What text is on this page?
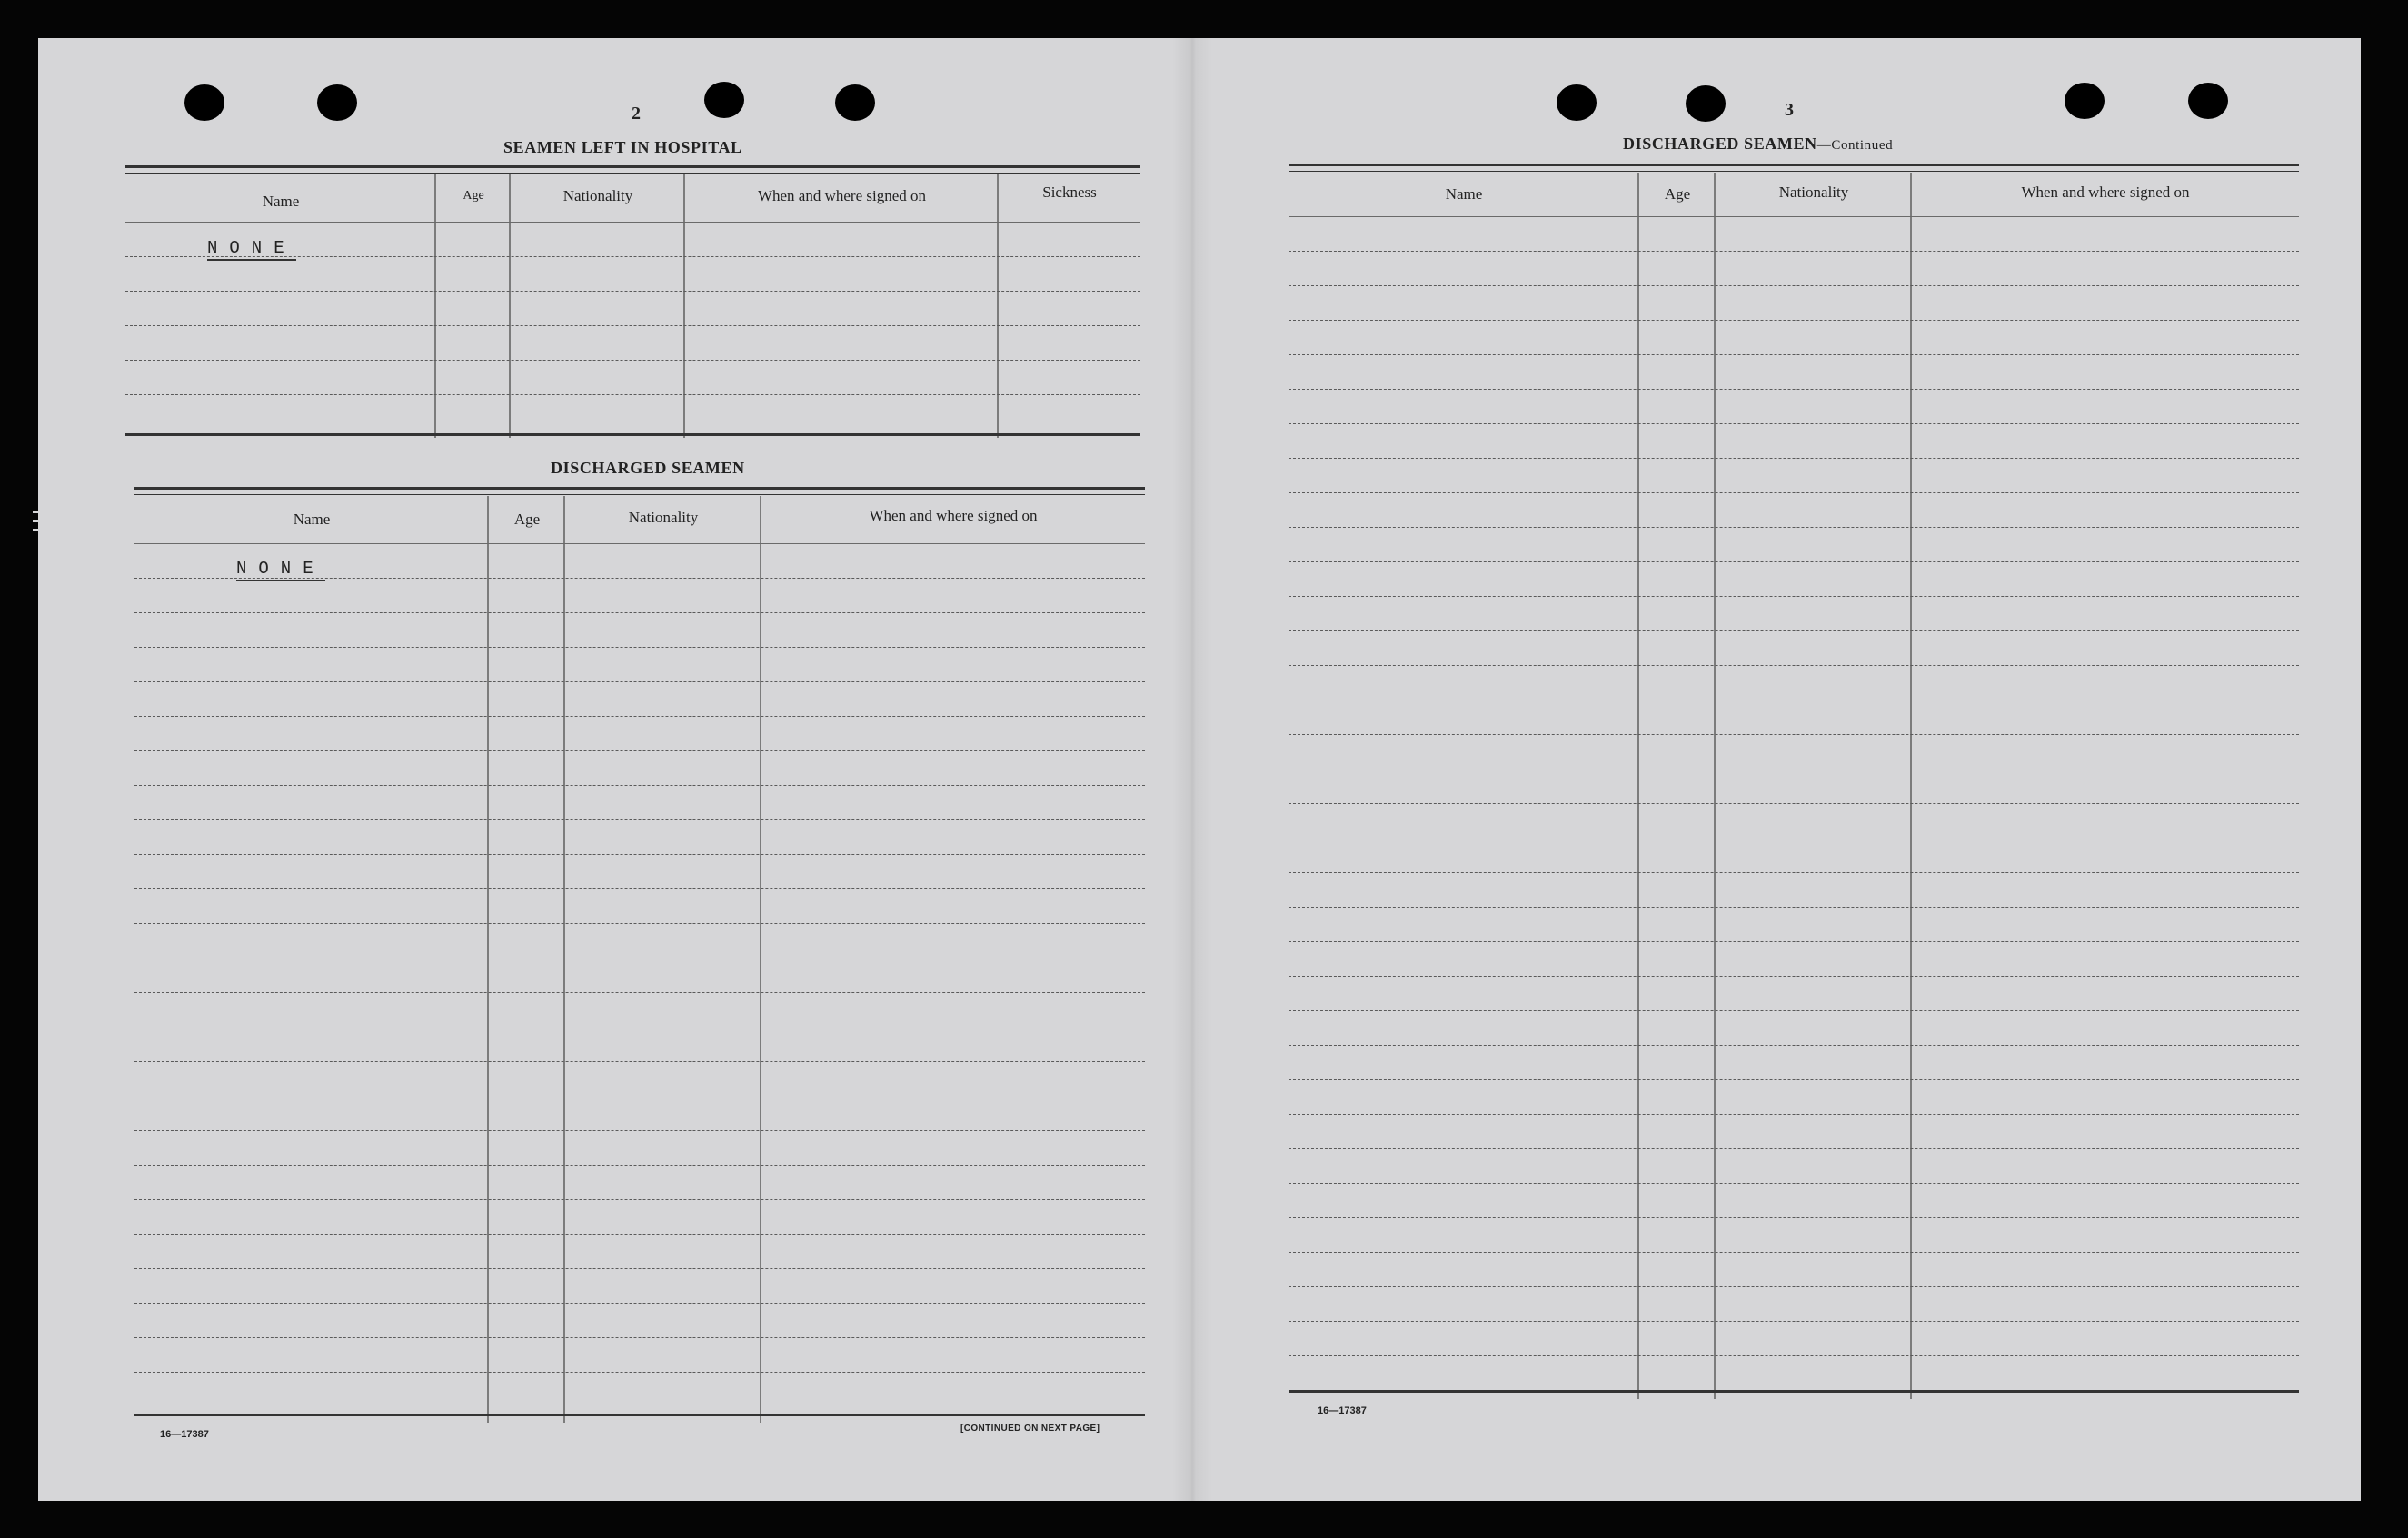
2
SEAMEN LEFT IN HOSPITAL
Name	Age	Nationality	When and where signed on	Sickness
NONE
DISCHARGED SEAMEN
Name	Age	Nationality	When and where signed on
NONE
16—17387
[CONTINUED ON NEXT PAGE]
3
DISCHARGED SEAMEN—Continued
Name	Age	Nationality	When and where signed on
16—17387
